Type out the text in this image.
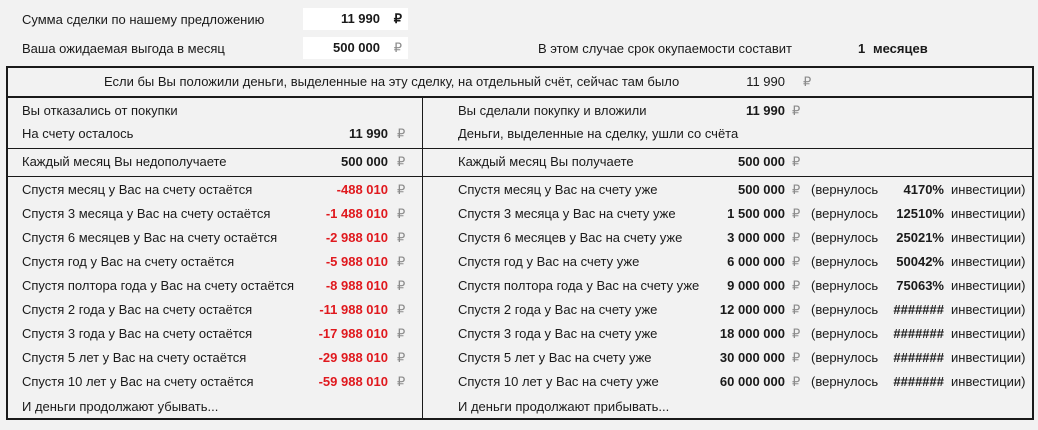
Сумма сделки по нашему предложению	11 990 ₽
Ваша ожидаемая выгода в месяц	500 000 ₽	В этом случае срок окупаемости составит	1 месяцев
Если бы Вы положили деньги, выделенные на эту сделку, на отдельный счёт, сейчас там было	11 990 ₽
Вы отказались от покупки
На счету осталось	11 990 ₽
Каждый месяц Вы недополучаете	500 000 ₽
Спустя месяц у Вас на счету остаётся	-488 010 ₽
Спустя 3 месяца у Вас на счету остаётся	-1 488 010 ₽
Спустя 6 месяцев у Вас на счету остаётся	-2 988 010 ₽
Спустя год у Вас на счету остаётся	-5 988 010 ₽
Спустя полтора года у Вас на счету остаётся	-8 988 010 ₽
Спустя 2 года у Вас на счету остаётся	-11 988 010 ₽
Спустя 3 года у Вас на счету остаётся	-17 988 010 ₽
Спустя 5 лет у Вас на счету остаётся	-29 988 010 ₽
Спустя 10 лет у Вас на счету остаётся	-59 988 010 ₽
И деньги продолжают убывать...
Вы сделали покупку и вложили	11 990 ₽
Деньги, выделенные на сделку, ушли со счёта
Каждый месяц Вы получаете	500 000 ₽
Спустя месяц у Вас на счету уже	500 000 ₽ (вернулось	4170% инвестиции)
Спустя 3 месяца у Вас на счету уже	1 500 000 ₽ (вернулось	12510% инвестиции)
Спустя 6 месяцев у Вас на счету уже	3 000 000 ₽ (вернулось	25021% инвестиции)
Спустя год у Вас на счету уже	6 000 000 ₽ (вернулось	50042% инвестиции)
Спустя полтора года у Вас на счету уже	9 000 000 ₽ (вернулось	75063% инвестиции)
Спустя 2 года у Вас на счету уже	12 000 000 ₽ (вернулось	####### инвестиции)
Спустя 3 года у Вас на счету уже	18 000 000 ₽ (вернулось	####### инвестиции)
Спустя 5 лет у Вас на счету уже	30 000 000 ₽ (вернулось	####### инвестиции)
Спустя 10 лет у Вас на счету уже	60 000 000 ₽ (вернулось	####### инвестиции)
И деньги продолжают прибывать...
